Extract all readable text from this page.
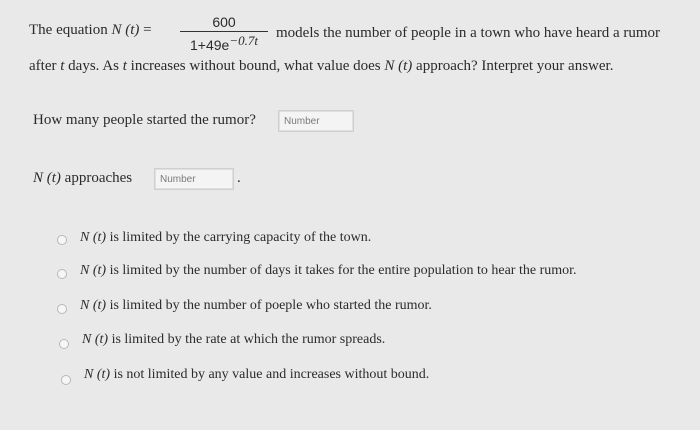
The equation N (t) =	600
$1+49e^{-0.7t}$	models the number of people in a town who have heard a rumor
after t days. As t increases without bound, what value does N (t) approach? Interpret your answer.
How many people started the rumor?
Number
N (t) approaches
Number	.
N (t) is limited by the carrying capacity of the town.
N (t) is limited by the number of days it takes for the entire population to hear the rumor.
N (t) is limited by the number of poeple who started the rumor.
N (t) is limited by the rate at which the rumor spreads.
N (t) is not limited by any value and increases without bound.
